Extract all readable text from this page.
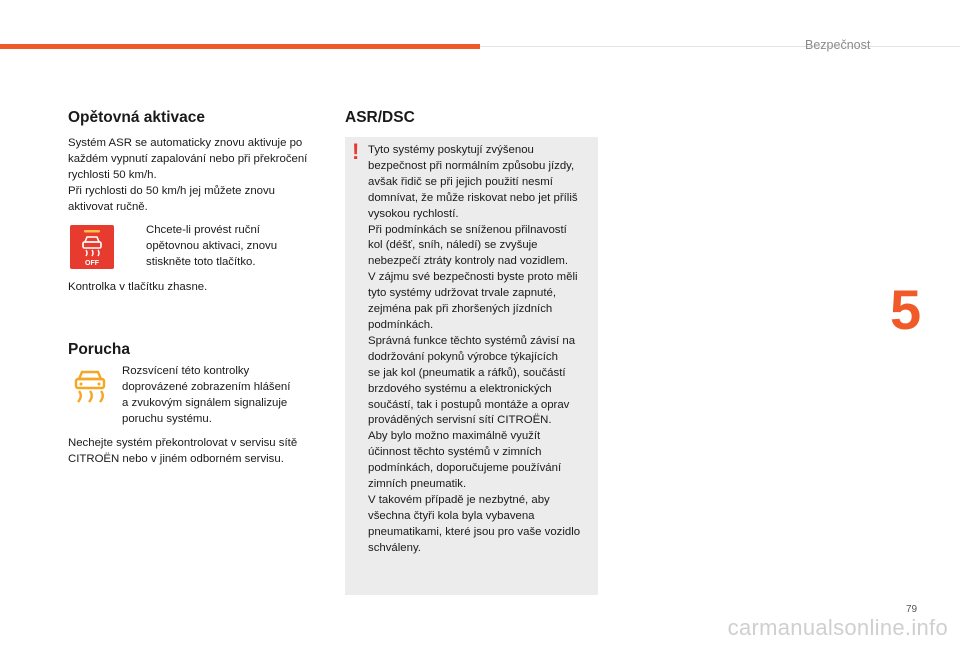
Bezpečnost
5
Opětovná aktivace

Systém ASR se automaticky znovu aktivuje po
každém vypnutí zapalování nebo při překročení
rychlosti 50 km/h.
Při rychlosti do 50 km/h jej můžete znovu
aktivovat ručně.

OFF

Chcete-li provést ruční
opětovnou aktivaci, znovu
stiskněte toto tlačítko.

Kontrolka v tlačítku zhasne.

Porucha

Rozsvícení této kontrolky
doprovázené zobrazením hlášení
a zvukovým signálem signalizuje
poruchu systému.

Nechejte systém překontrolovat v servisu sítě
CITROËN nebo v jiném odborném servisu.

ASR/DSC
! Tyto systémy poskytují zvýšenou
bezpečnost při normálním způsobu jízdy,
avšak řidič se při jejich použití nesmí
domnívat, že může riskovat nebo jet příliš
vysokou rychlostí.
Při podmínkách se sníženou přilnavostí
kol (déšť, sníh, náledí) se zvyšuje
nebezpečí ztráty kontroly nad vozidlem.
V zájmu své bezpečnosti byste proto měli
tyto systémy udržovat trvale zapnuté,
zejména pak při zhoršených jízdních
podmínkách.
Správná funkce těchto systémů závisí na
dodržování pokynů výrobce týkajících
se jak kol (pneumatik a ráfků), součástí
brzdového systému a elektronických
součástí, tak i postupů montáže a oprav
prováděných servisní sítí CITROËN.
Aby bylo možno maximálně využít
účinnost těchto systémů v zimních
podmínkách, doporučujeme používání
zimních pneumatik.
V takovém případě je nezbytné, aby
všechna čtyři kola byla vybavena
pneumatikami, které jsou pro vaše vozidlo
schváleny.

79
carmanualsonline.info
